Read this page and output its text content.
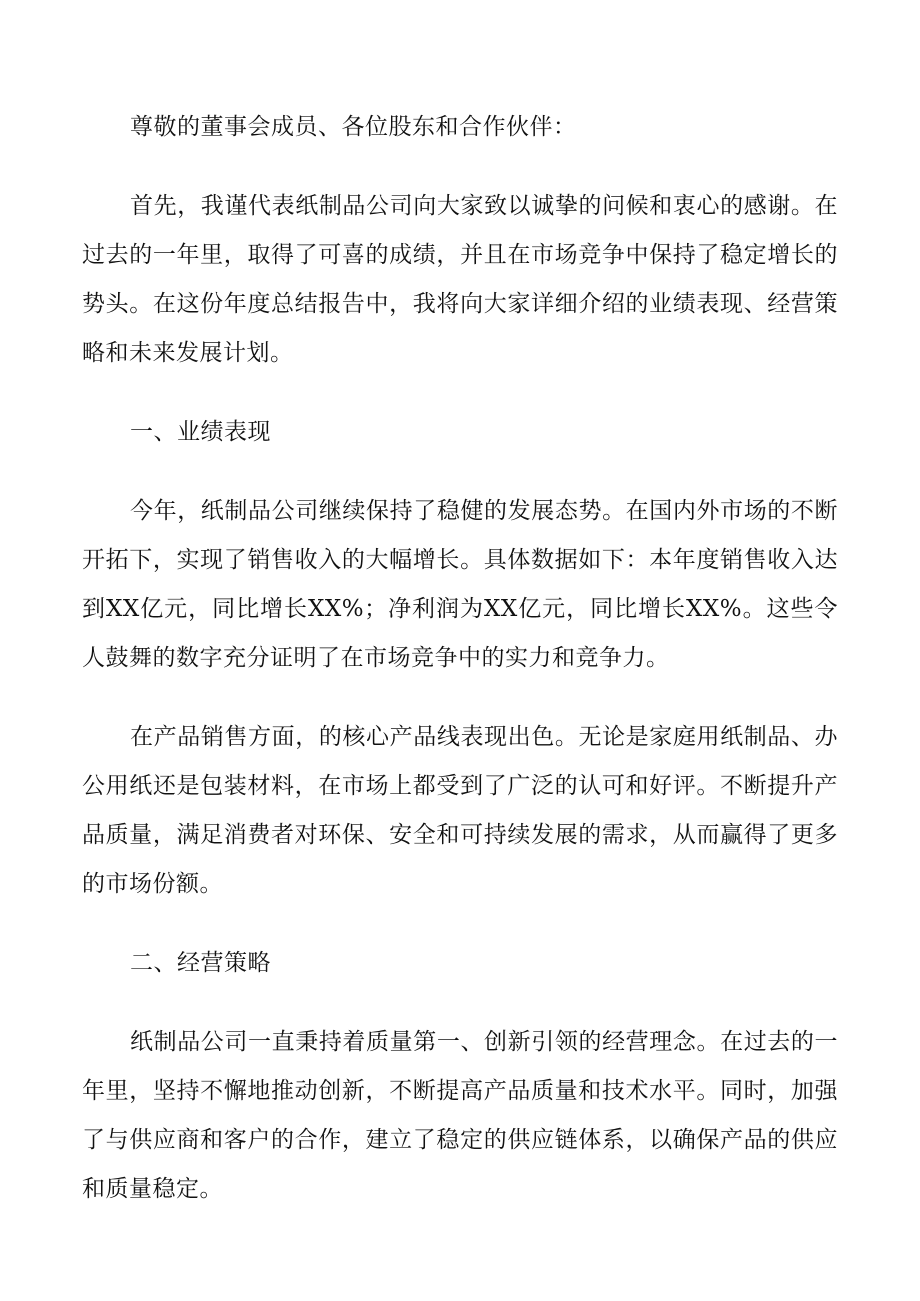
尊敬的董事会成员、各位股东和合作伙伴：

首先，我谨代表纸制品公司向大家致以诚挚的问候和衷心的感谢。在过去的一年里，取得了可喜的成绩，并且在市场竞争中保持了稳定增长的势头。在这份年度总结报告中，我将向大家详细介绍的业绩表现、经营策略和未来发展计划。

一、业绩表现

今年，纸制品公司继续保持了稳健的发展态势。在国内外市场的不断开拓下，实现了销售收入的大幅增长。具体数据如下：本年度销售收入达到XX亿元，同比增长XX%；净利润为XX亿元，同比增长XX%。这些令人鼓舞的数字充分证明了在市场竞争中的实力和竞争力。

在产品销售方面，的核心产品线表现出色。无论是家庭用纸制品、办公用纸还是包装材料，在市场上都受到了广泛的认可和好评。不断提升产品质量，满足消费者对环保、安全和可持续发展的需求，从而赢得了更多的市场份额。

二、经营策略

纸制品公司一直秉持着质量第一、创新引领的经营理念。在过去的一年里，坚持不懈地推动创新，不断提高产品质量和技术水平。同时，加强了与供应商和客户的合作，建立了稳定的供应链体系，以确保产品的供应和质量稳定。
